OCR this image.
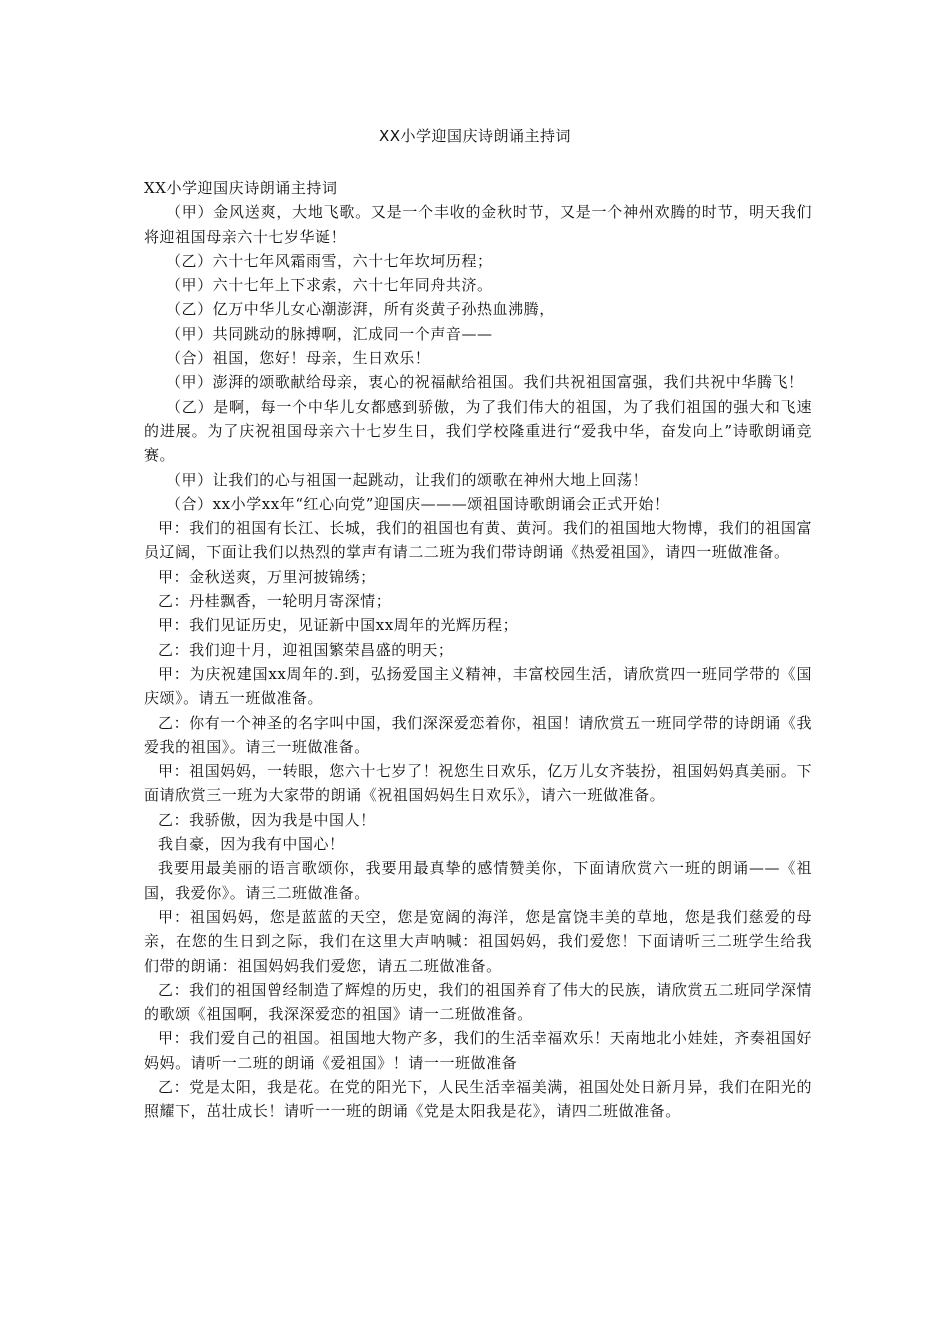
XX小学迎国庆诗朗诵主持词

XX小学迎国庆诗朗诵主持词

（甲）金风送爽，大地飞歌。又是一个丰收的金秋时节，又是一个神州欢腾的时节，明天我们将迎祖国母亲六十七岁华诞！

（乙）六十七年风霜雨雪，六十七年坎坷历程；

（甲）六十七年上下求索，六十七年同舟共济。

（乙）亿万中华儿女心潮澎湃，所有炎黄子孙热血沸腾，

（甲）共同跳动的脉搏啊，汇成同一个声音——

（合）祖国，您好！母亲，生日欢乐！

（甲）澎湃的颂歌献给母亲，衷心的祝福献给祖国。我们共祝祖国富强，我们共祝中华腾飞！

（乙）是啊，每一个中华儿女都感到骄傲，为了我们伟大的祖国，为了我们祖国的强大和飞速的进展。为了庆祝祖国母亲六十七岁生日，我们学校隆重进行“爱我中华，奋发向上”诗歌朗诵竞赛。

（甲）让我们的心与祖国一起跳动，让我们的颂歌在神州大地上回荡！

（合）xx小学xx年“红心向党”迎国庆———颂祖国诗歌朗诵会正式开始！

甲：我们的祖国有长江、长城，我们的祖国也有黄、黄河。我们的祖国地大物博，我们的祖国富员辽阔，下面让我们以热烈的掌声有请二二班为我们带诗朗诵《热爱祖国》，请四一班做准备。

甲：金秋送爽，万里河披锦绣；

乙：丹桂飘香，一轮明月寄深情；

甲：我们见证历史，见证新中国xx周年的光辉历程；

乙：我们迎十月，迎祖国繁荣昌盛的明天；

甲：为庆祝建国xx周年的.到，弘扬爱国主义精神，丰富校园生活，请欣赏四一班同学带的《国庆颂》。请五一班做准备。

乙：你有一个神圣的名字叫中国，我们深深爱恋着你，祖国！请欣赏五一班同学带的诗朗诵《我爱我的祖国》。请三一班做准备。

甲：祖国妈妈，一转眼，您六十七岁了！祝您生日欢乐，亿万儿女齐装扮，祖国妈妈真美丽。下面请欣赏三一班为大家带的朗诵《祝祖国妈妈生日欢乐》，请六一班做准备。

乙：我骄傲，因为我是中国人！

我自豪，因为我有中国心！

我要用最美丽的语言歌颂你，我要用最真挚的感情赞美你，下面请欣赏六一班的朗诵——《祖国，我爱你》。请三二班做准备。

甲：祖国妈妈，您是蓝蓝的天空，您是宽阔的海洋，您是富饶丰美的草地，您是我们慈爱的母亲，在您的生日到之际，我们在这里大声呐喊：祖国妈妈，我们爱您！下面请听三二班学生给我们带的朗诵：祖国妈妈我们爱您，请五二班做准备。

乙：我们的祖国曾经制造了辉煌的历史，我们的祖国养育了伟大的民族，请欣赏五二班同学深情的歌颂《祖国啊，我深深爱恋的祖国》请一二班做准备。

甲：我们爱自己的祖国。祖国地大物产多，我们的生活幸福欢乐！天南地北小娃娃，齐奏祖国好妈妈。请听一二班的朗诵《爱祖国》！请一一班做准备

乙：党是太阳，我是花。在党的阳光下，人民生活幸福美满，祖国处处日新月异，我们在阳光的照耀下，茁壮成长！请听一一班的朗诵《党是太阳我是花》，请四二班做准备。
